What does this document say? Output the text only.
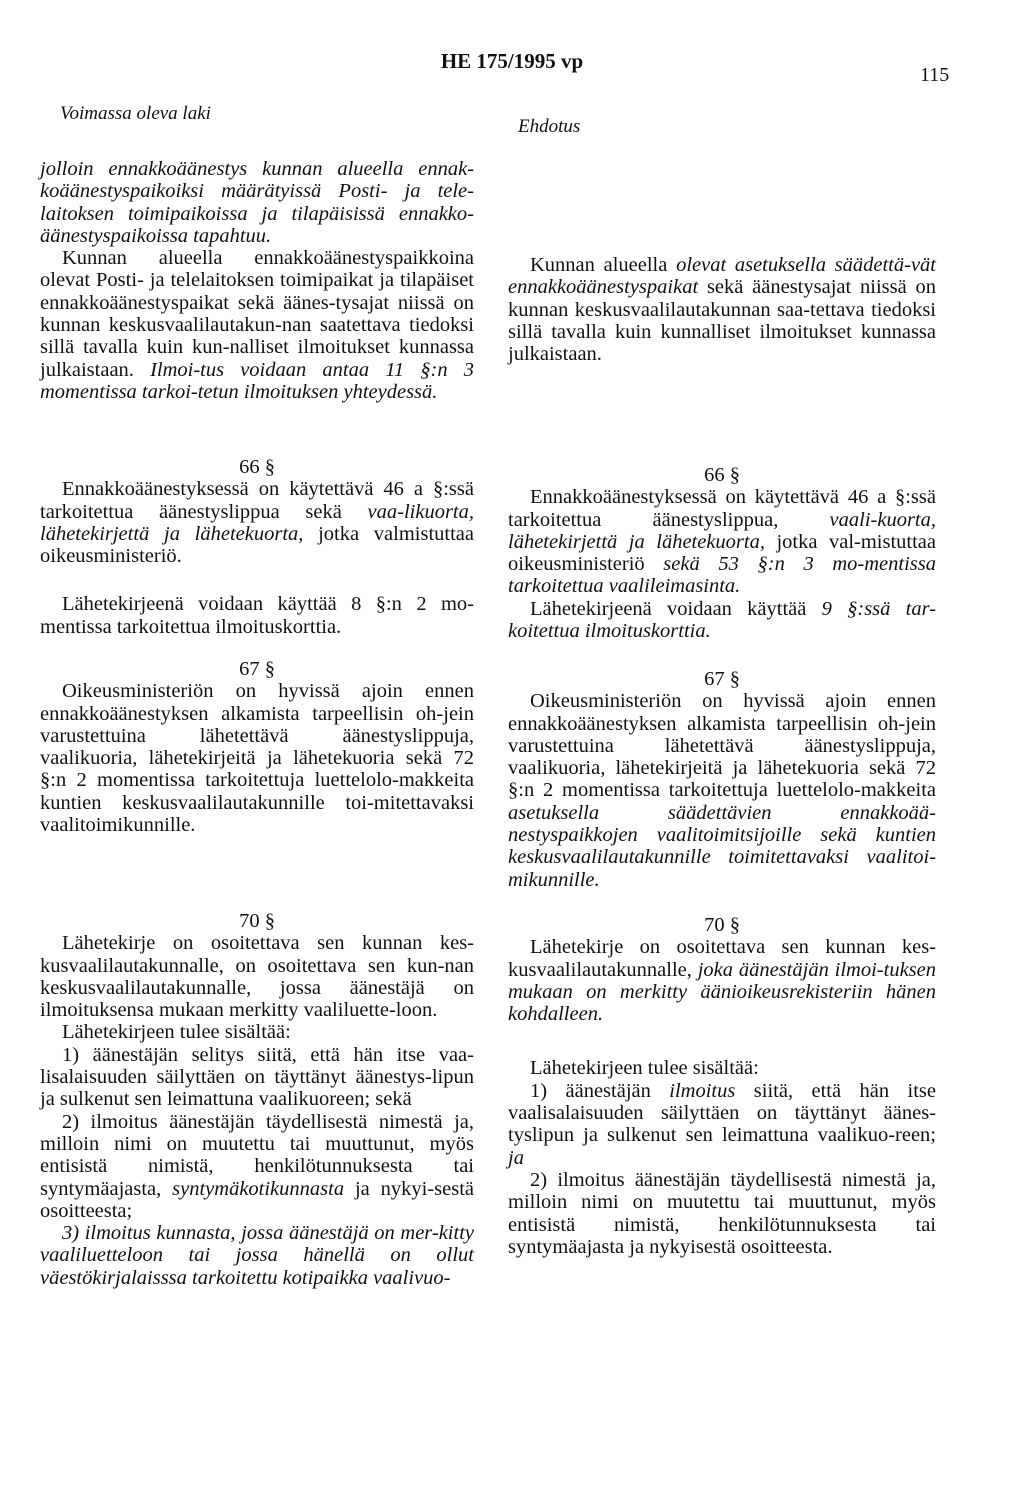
HE 175/1995 vp
115
Voimassa oleva laki
Ehdotus

jolloin ennakkoäänestys kunnan alueella ennak-koäänestyspaikoiksi määrätyissä Posti- ja tele-laitoksen toimipaikoissa ja tilapäisissä ennakko-äänestyspaikoissa tapahtuu.

Kunnan alueella ennakkoäänestyspaikkoina olevat Posti- ja telelaitoksen toimipaikat ja tilapäiset ennakkoäänestyspaikat sekä äänes-tysajat niissä on kunnan keskusvaalilautakun-nan saatettava tiedoksi sillä tavalla kuin kun-nalliset ilmoitukset kunnassa julkaistaan. Ilmoi-tus voidaan antaa 11 §:n 3 momentissa tarkoi-tetun ilmoituksen yhteydessä.

66 §

Ennakkoäänestyksessä on käytettävä 46 a §:ssä tarkoitettua äänestyslippua sekä vaa-likuorta, lähetekirjettä ja lähetekuorta, jotka valmistuttaa oikeusministeriö.

Lähetekirjeenä voidaan käyttää 8 §:n 2 mo-mentissa tarkoitettua ilmoituskorttia.

67 §

Oikeusministeriön on hyvissä ajoin ennen ennakkoäänestyksen alkamista tarpeellisin oh-jein varustettuina lähetettävä äänestyslippuja, vaalikuoria, lähetekirjeitä ja lähetekuoria sekä 72 §:n 2 momentissa tarkoitettuja luettelolo-makkeita kuntien keskusvaalilautakunnille toi-mitettavaksi vaalitoimikunnille.

70 §

Lähetekirje on osoitettava sen kunnan kes-kusvaalilautakunnalle, on osoitettava sen kun-nan keskusvaalilautakunnalle, jossa äänestäjä on ilmoituksensa mukaan merkitty vaaliluette-loon.

Lähetekirjeen tulee sisältää:

1) äänestäjän selitys siitä, että hän itse vaa-lisalaisuuden säilyttäen on täyttänyt äänestys-lipun ja sulkenut sen leimattuna vaalikuoreen; sekä

2) ilmoitus äänestäjän täydellisestä nimestä ja, milloin nimi on muutettu tai muuttunut, myös entisistä nimistä, henkilötunnuksesta tai syntymäajasta, syntymäkotikunnasta ja nykyi-sestä osoitteesta;

3) ilmoitus kunnasta, jossa äänestäjä on mer-kitty vaaliluetteloon tai jossa hänellä on ollut väestökirjalaisssa tarkoitettu kotipaikka vaalivuo-

Kunnan alueella olevat asetuksella säädettä-vät ennakkoäänestyspaikat sekä äänestysajat niissä on kunnan keskusvaalilautakunnan saa-tettava tiedoksi sillä tavalla kuin kunnalliset ilmoitukset kunnassa julkaistaan.

66 §

Ennakkoäänestyksessä on käytettävä 46 a §:ssä tarkoitettua äänestyslippua, vaali-kuorta, lähetekirjettä ja lähetekuorta, jotka val-mistuttaa oikeusministeriö sekä 53 §:n 3 mo-mentissa tarkoitettua vaalileimasinta.

Lähetekirjeenä voidaan käyttää 9 §:ssä tar-koitettua ilmoituskorttia.

67 §

Oikeusministeriön on hyvissä ajoin ennen ennakkoäänestyksen alkamista tarpeellisin oh-jein varustettuina lähetettävä äänestyslippuja, vaalikuoria, lähetekirjeitä ja lähetekuoria sekä 72 §:n 2 momentissa tarkoitettuja luettelolo-makkeita asetuksella säädettävien ennakkoää-nestyspaikkojen vaalitoimitsijoille sekä kuntien keskusvaalilautakunnille toimitettavaksi vaalitoi-mikunnille.

70 §

Lähetekirje on osoitettava sen kunnan kes-kusvaalilautakunnalle, joka äänestäjän ilmoi-tuksen mukaan on merkitty äänioikeusrekisteriin hänen kohdalleen.

Lähetekirjeen tulee sisältää:

1) äänestäjän ilmoitus siitä, että hän itse vaalisalaisuuden säilyttäen on täyttänyt äänes-tyslipun ja sulkenut sen leimattuna vaalikuo-reen; ja

2) ilmoitus äänestäjän täydellisestä nimestä ja, milloin nimi on muutettu tai muuttunut, myös entisistä nimistä, henkilötunnuksesta tai syntymäajasta ja nykyisestä osoitteesta.
